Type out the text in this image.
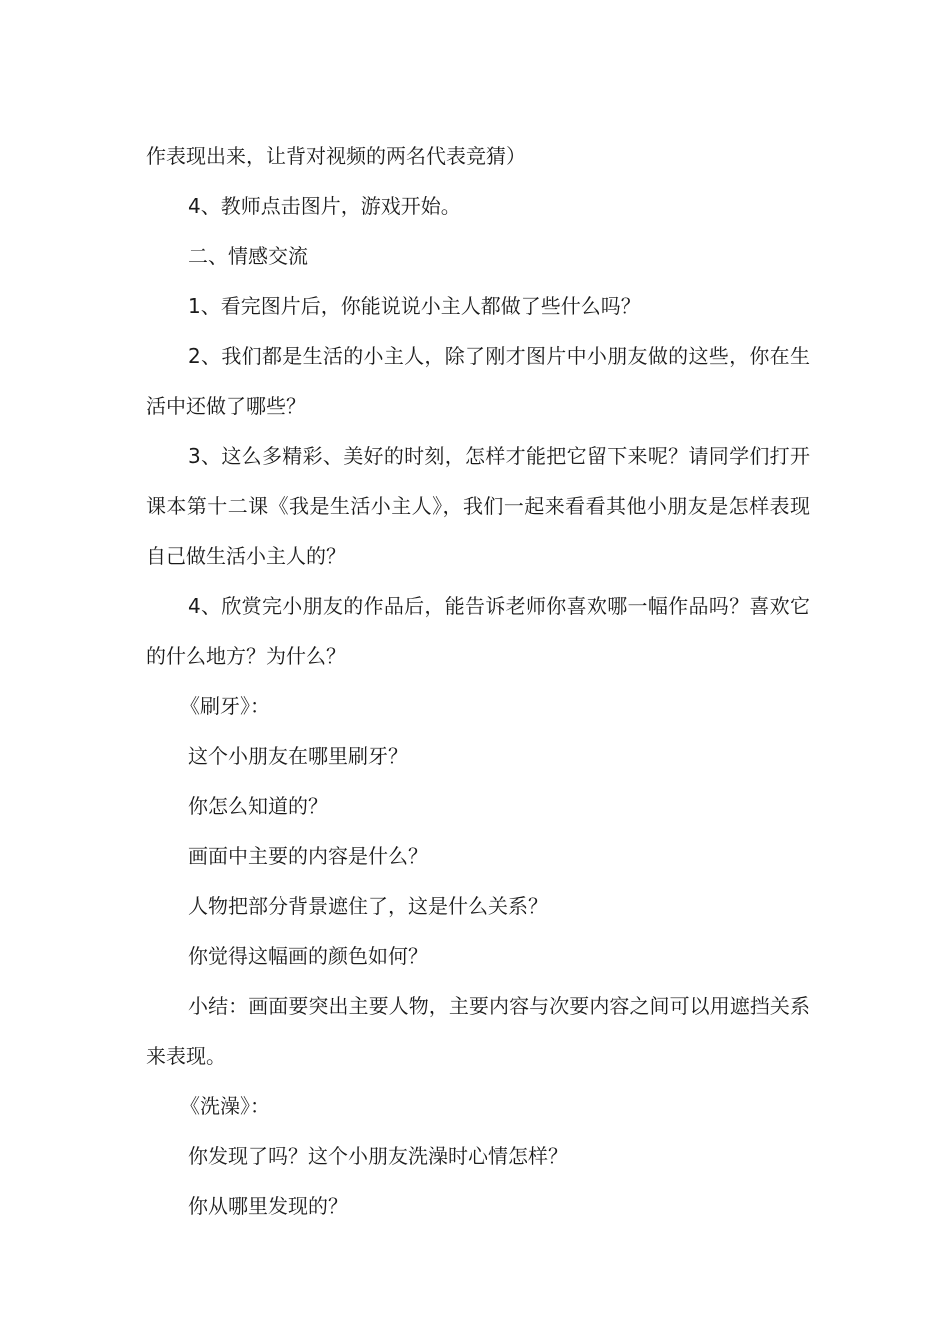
作表现出来，让背对视频的两名代表竞猜）

4、教师点击图片，游戏开始。

二、情感交流

1、看完图片后，你能说说小主人都做了些什么吗？

2、我们都是生活的小主人，除了刚才图片中小朋友做的这些，你在生活中还做了哪些？

3、这么多精彩、美好的时刻，怎样才能把它留下来呢？请同学们打开课本第十二课《我是生活小主人》，我们一起来看看其他小朋友是怎样表现自己做生活小主人的？

4、欣赏完小朋友的作品后，能告诉老师你喜欢哪一幅作品吗？喜欢它的什么地方？为什么？

《刷牙》：

这个小朋友在哪里刷牙？

你怎么知道的？

画面中主要的内容是什么？

人物把部分背景遮住了，这是什么关系？

你觉得这幅画的颜色如何？

小结：画面要突出主要人物，主要内容与次要内容之间可以用遮挡关系来表现。

《洗澡》：

你发现了吗？这个小朋友洗澡时心情怎样？

你从哪里发现的？
